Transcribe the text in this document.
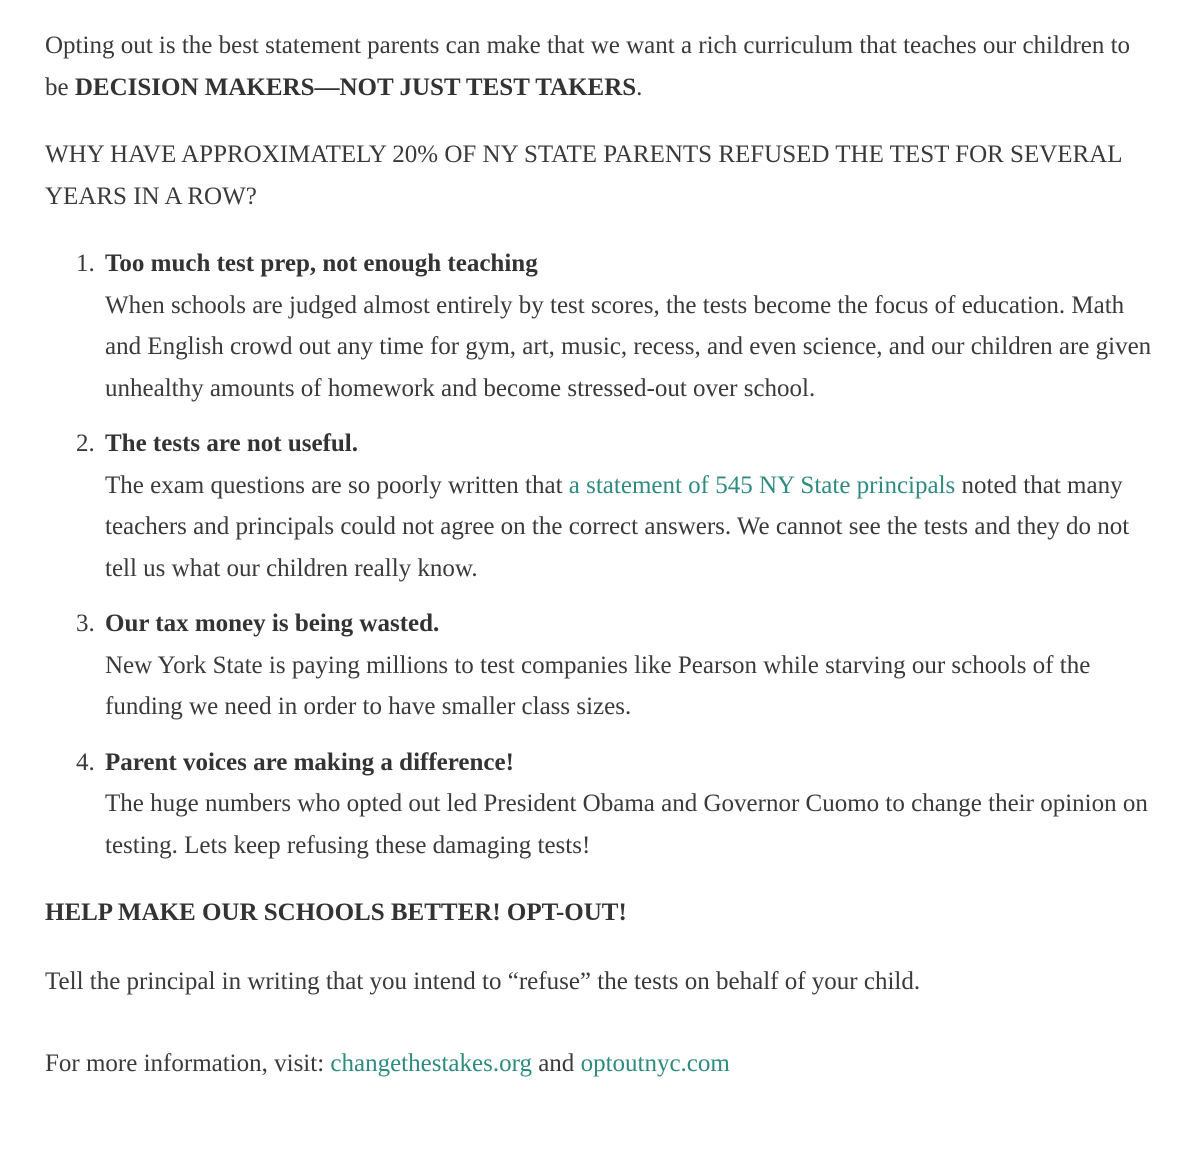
Opting out is the best statement parents can make that we want a rich curriculum that teaches our children to be DECISION MAKERS—NOT JUST TEST TAKERS.

WHY HAVE APPROXIMATELY 20% OF NY STATE PARENTS REFUSED THE TEST FOR SEVERAL YEARS IN A ROW?

1. Too much test prep, not enough teaching
When schools are judged almost entirely by test scores, the tests become the focus of education. Math and English crowd out any time for gym, art, music, recess, and even science, and our children are given unhealthy amounts of homework and become stressed-out over school.
2. The tests are not useful.
The exam questions are so poorly written that a statement of 545 NY State principals noted that many teachers and principals could not agree on the correct answers. We cannot see the tests and they do not tell us what our children really know.
3. Our tax money is being wasted.
New York State is paying millions to test companies like Pearson while starving our schools of the funding we need in order to have smaller class sizes.
4. Parent voices are making a difference!
The huge numbers who opted out led President Obama and Governor Cuomo to change their opinion on testing. Lets keep refusing these damaging tests!

HELP MAKE OUR SCHOOLS BETTER! OPT-OUT!

Tell the principal in writing that you intend to “refuse” the tests on behalf of your child.

For more information, visit: changethestakes.org and optoutnyc.com
